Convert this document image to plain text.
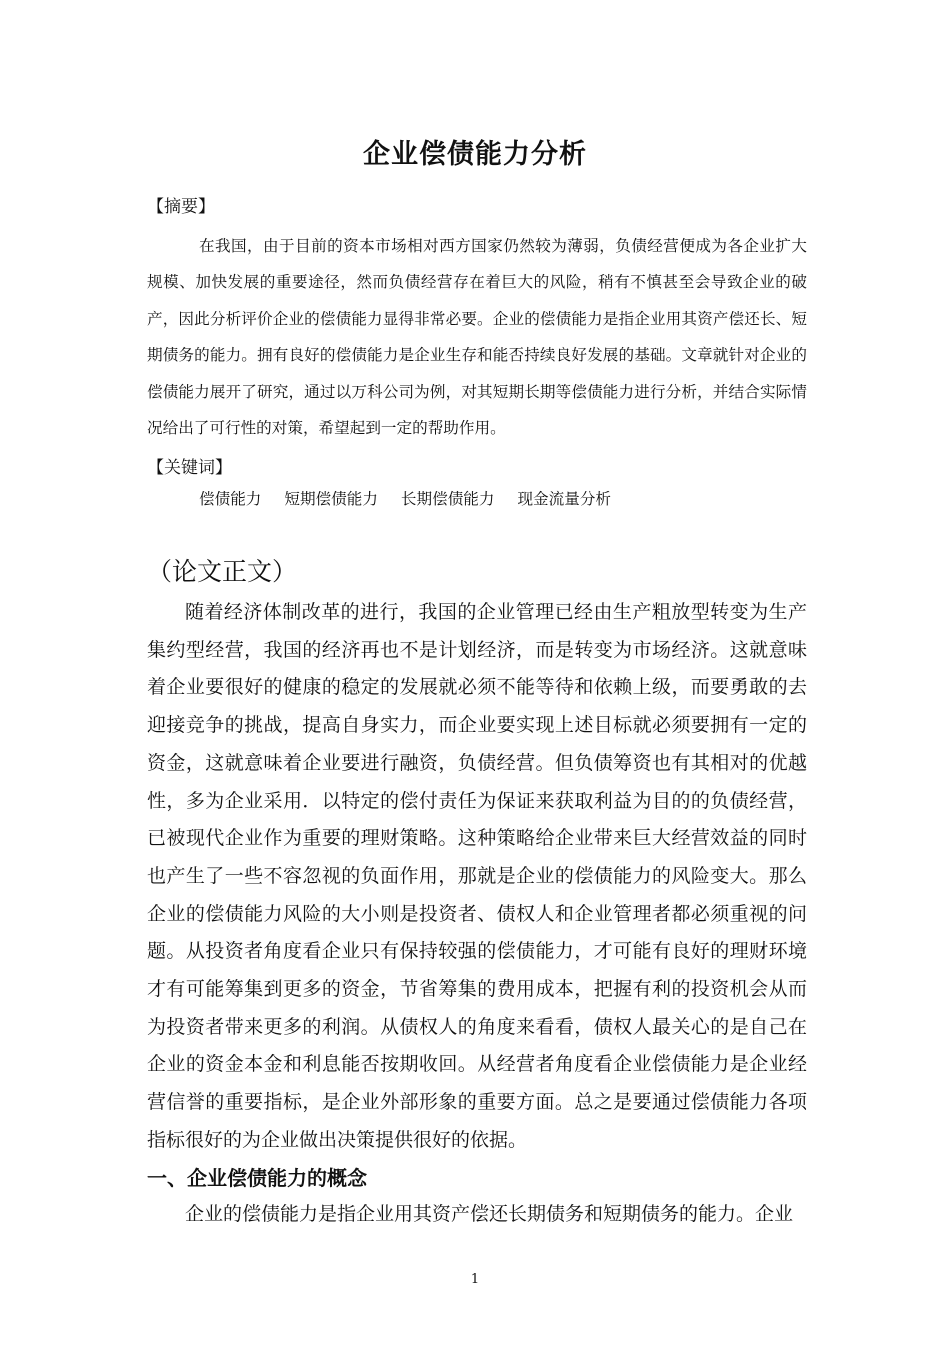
企业偿债能力分析
【摘要】

在我国，由于目前的资本市场相对西方国家仍然较为薄弱，负债经营便成为各企业扩大规模、加快发展的重要途径，然而负债经营存在着巨大的风险，稍有不慎甚至会导致企业的破产，因此分析评价企业的偿债能力显得非常必要。企业的偿债能力是指企业用其资产偿还长、短期债务的能力。拥有良好的偿债能力是企业生存和能否持续良好发展的基础。文章就针对企业的偿债能力展开了研究，通过以万科公司为例，对其短期长期等偿债能力进行分析，并结合实际情况给出了可行性的对策，希望起到一定的帮助作用。

【关键词】
偿债能力 短期偿债能力 长期偿债能力 现金流量分析
（论文正文）

随着经济体制改革的进行，我国的企业管理已经由生产粗放型转变为生产集约型经营，我国的经济再也不是计划经济，而是转变为市场经济。这就意味着企业要很好的健康的稳定的发展就必须不能等待和依赖上级，而要勇敢的去迎接竞争的挑战，提高自身实力，而企业要实现上述目标就必须要拥有一定的资金，这就意味着企业要进行融资，负债经营。但负债筹资也有其相对的优越性，多为企业采用．以特定的偿付责任为保证来获取利益为目的的负债经营，已被现代企业作为重要的理财策略。这种策略给企业带来巨大经营效益的同时也产生了一些不容忽视的负面作用，那就是企业的偿债能力的风险变大。那么企业的偿债能力风险的大小则是投资者、债权人和企业管理者都必须重视的问题。从投资者角度看企业只有保持较强的偿债能力，才可能有良好的理财环境才有可能筹集到更多的资金，节省筹集的费用成本，把握有利的投资机会从而为投资者带来更多的利润。从债权人的角度来看看，债权人最关心的是自己在企业的资金本金和利息能否按期收回。从经营者角度看企业偿债能力是企业经营信誉的重要指标，是企业外部形象的重要方面。总之是要通过偿债能力各项指标很好的为企业做出决策提供很好的依据。

一、企业偿债能力的概念

企业的偿债能力是指企业用其资产偿还长期债务和短期债务的能力。企业

1
